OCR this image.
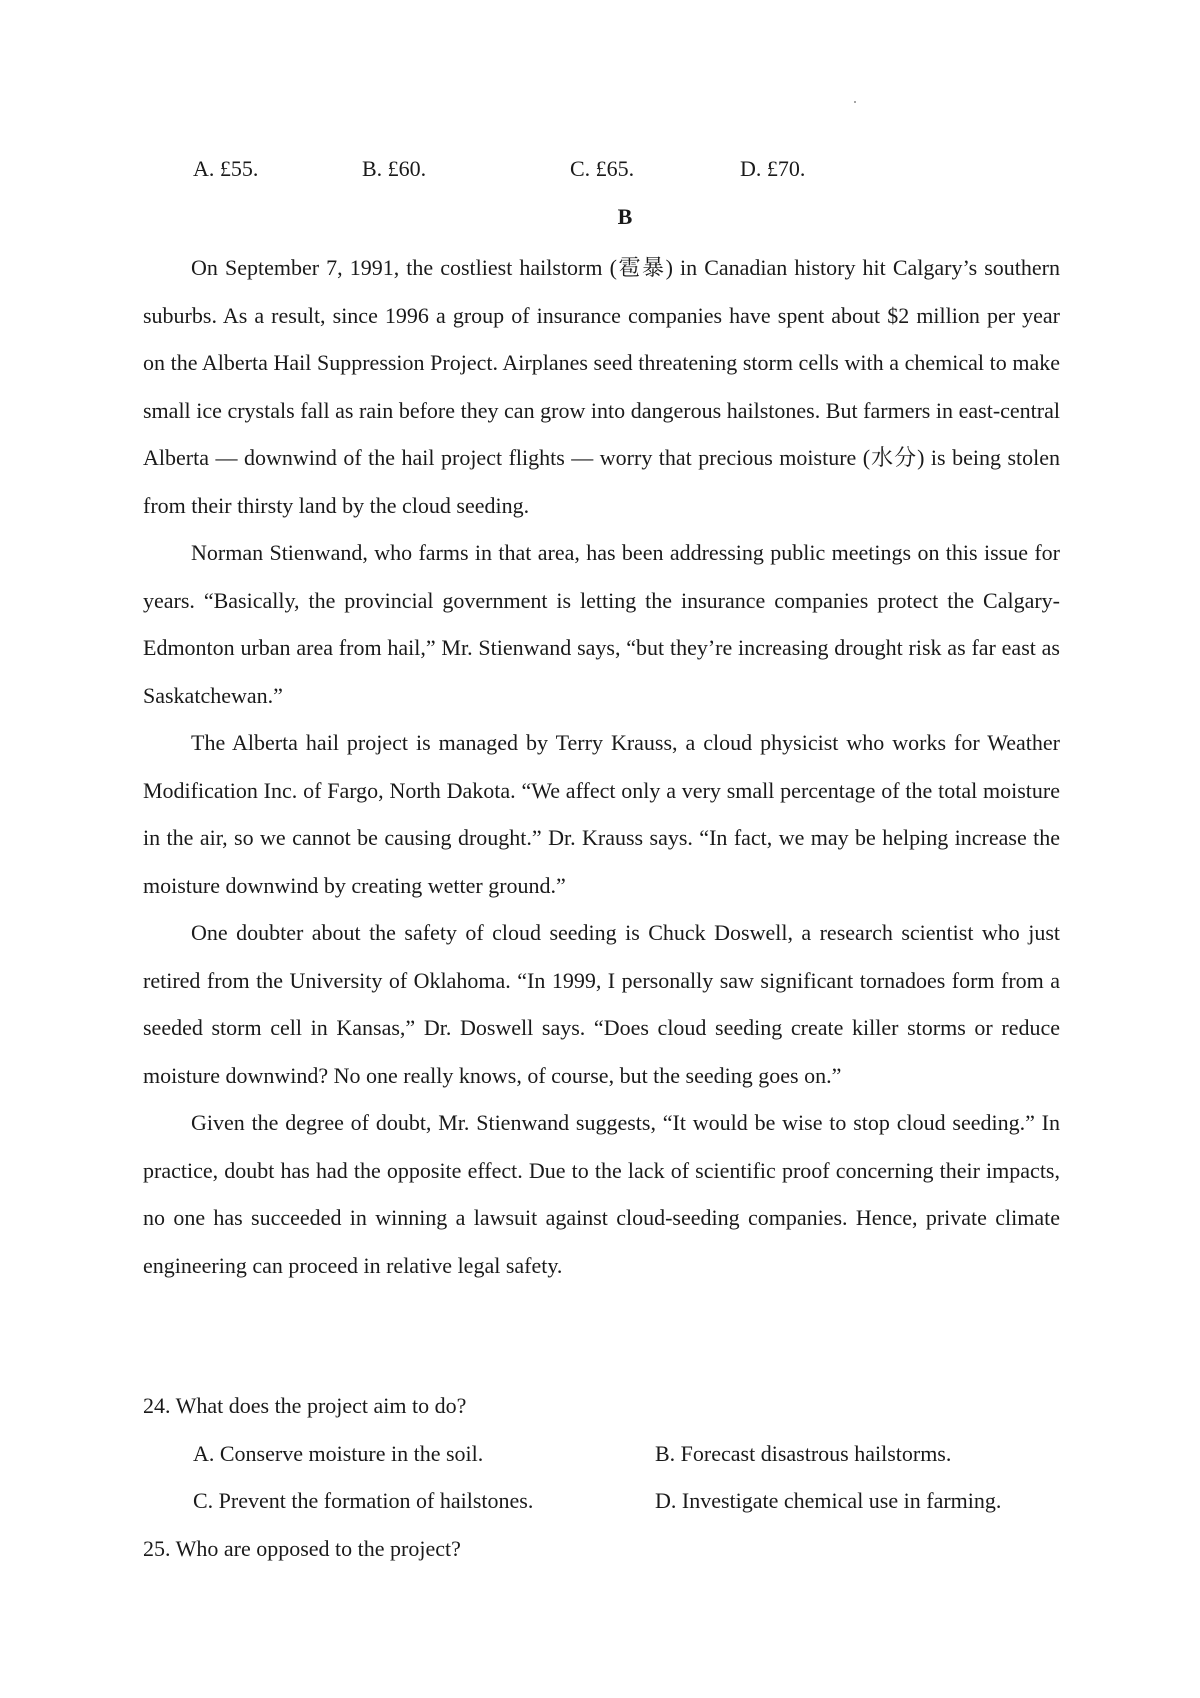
A. £55.	B. £60.	C. £65.	D. £70.
B

On September 7, 1991, the costliest hailstorm (雹暴) in Canadian history hit Calgary’s southern suburbs. As a result, since 1996 a group of insurance companies have spent about $2 million per year on the Alberta Hail Suppression Project. Airplanes seed threatening storm cells with a chemical to make small ice crystals fall as rain before they can grow into dangerous hailstones. But farmers in east-central Alberta — downwind of the hail project flights — worry that precious moisture (水分) is being stolen from their thirsty land by the cloud seeding.

Norman Stienwand, who farms in that area, has been addressing public meetings on this issue for years. “Basically, the provincial government is letting the insurance companies protect the Calgary-Edmonton urban area from hail,” Mr. Stienwand says, “but they’re increasing drought risk as far east as Saskatchewan.”

The Alberta hail project is managed by Terry Krauss, a cloud physicist who works for Weather Modification Inc. of Fargo, North Dakota. “We affect only a very small percentage of the total moisture in the air, so we cannot be causing drought.” Dr. Krauss says. “In fact, we may be helping increase the moisture downwind by creating wetter ground.”

One doubter about the safety of cloud seeding is Chuck Doswell, a research scientist who just retired from the University of Oklahoma. “In 1999, I personally saw significant tornadoes form from a seeded storm cell in Kansas,” Dr. Doswell says. “Does cloud seeding create killer storms or reduce moisture downwind? No one really knows, of course, but the seeding goes on.”

Given the degree of doubt, Mr. Stienwand suggests, “It would be wise to stop cloud seeding.” In practice, doubt has had the opposite effect. Due to the lack of scientific proof concerning their impacts, no one has succeeded in winning a lawsuit against cloud-seeding companies. Hence, private climate engineering can proceed in relative legal safety.

24. What does the project aim to do?
A. Conserve moisture in the soil.	B. Forecast disastrous hailstorms.
C. Prevent the formation of hailstones.	D. Investigate chemical use in farming.
25. Who are opposed to the project?
